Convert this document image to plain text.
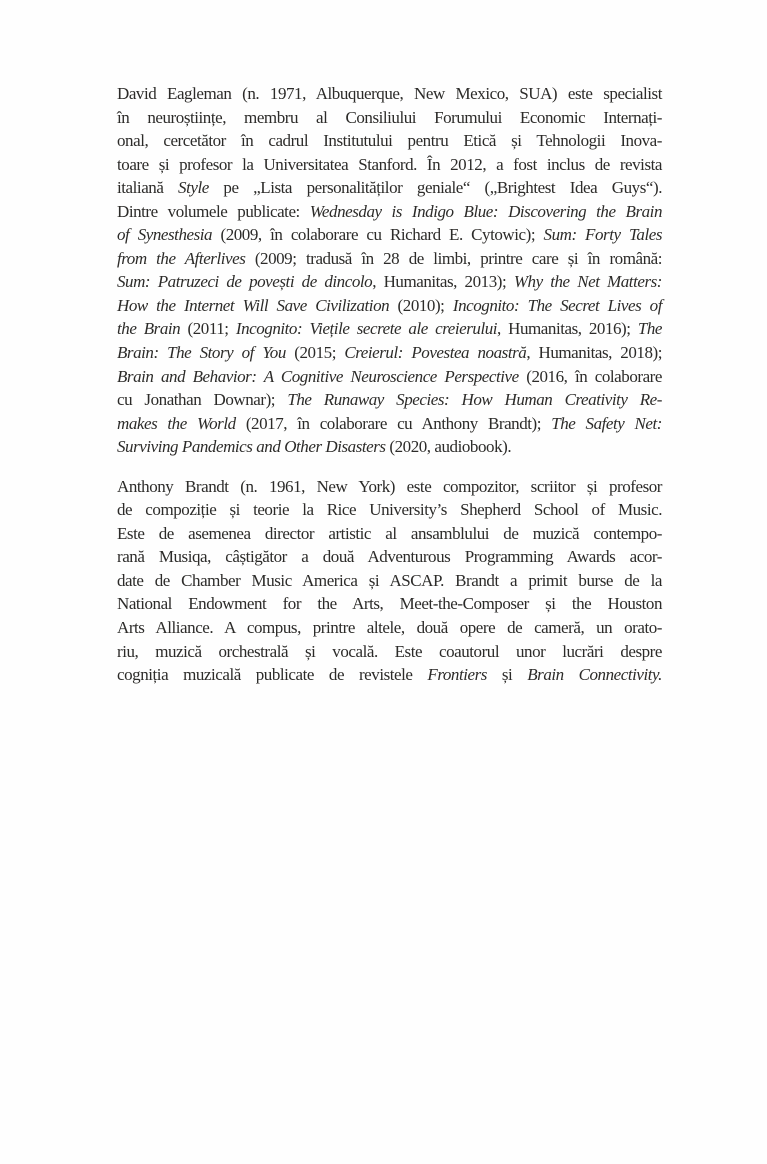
David Eagleman (n. 1971, Albuquerque, New Mexico, SUA) este specialist
în neuroștiințe, membru al Consiliului Forumului Economic Internați-
onal, cercetător în cadrul Institutului pentru Etică și Tehnologii Inova-
toare și profesor la Universitatea Stanford. În 2012, a fost inclus de revista
italiană Style pe „Lista personalităților geniale“ („Brightest Idea Guys“).
Dintre volumele publicate: Wednesday is Indigo Blue: Discovering the Brain
of Synesthesia (2009, în colaborare cu Richard E. Cytowic); Sum: Forty Tales
from the Afterlives (2009; tradusă în 28 de limbi, printre care și în română:
Sum: Patruzeci de povești de dincolo, Humanitas, 2013); Why the Net Matters:
How the Internet Will Save Civilization (2010); Incognito: The Secret Lives of
the Brain (2011; Incognito: Viețile secrete ale creierului, Humanitas, 2016); The
Brain: The Story of You (2015; Creierul: Povestea noastră, Humanitas, 2018);
Brain and Behavior: A Cognitive Neuroscience Perspective (2016, în colaborare
cu Jonathan Downar); The Runaway Species: How Human Creativity Re-
makes the World (2017, în colaborare cu Anthony Brandt); The Safety Net:
Surviving Pandemics and Other Disasters (2020, audiobook).
Anthony Brandt (n. 1961, New York) este compozitor, scriitor și profesor
de compoziție și teorie la Rice University’s Shepherd School of Music.
Este de asemenea director artistic al ansamblului de muzică contempo-
rană Musiqa, câștigător a două Adventurous Programming Awards acor-
date de Chamber Music America și ASCAP. Brandt a primit burse de la
National Endowment for the Arts, Meet-the-Composer și the Houston
Arts Alliance. A compus, printre altele, două opere de cameră, un orato-
riu, muzică orchestrală și vocală. Este coautorul unor lucrări despre
cogniția muzicală publicate de revistele Frontiers și Brain Connectivity.
